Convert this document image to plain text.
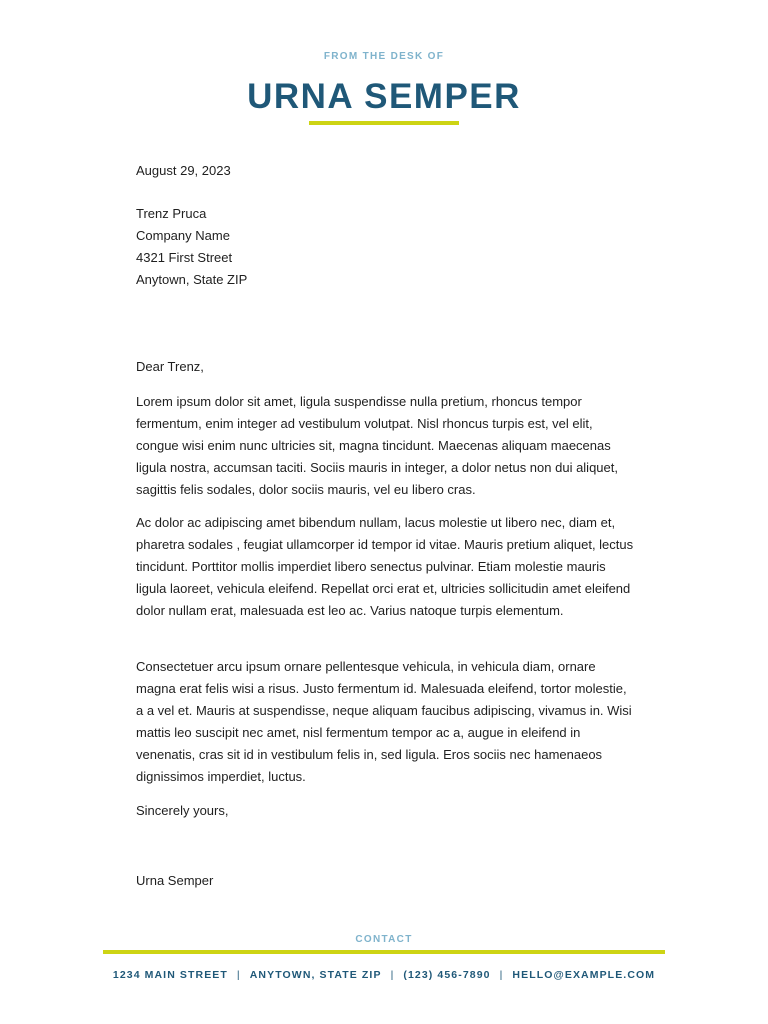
FROM THE DESK OF
URNA SEMPER
August 29, 2023
Trenz Pruca
Company Name
4321 First Street
Anytown, State ZIP
Dear Trenz,

Lorem ipsum dolor sit amet, ligula suspendisse nulla pretium, rhoncus tempor fermentum, enim integer ad vestibulum volutpat. Nisl rhoncus turpis est, vel elit, congue wisi enim nunc ultricies sit, magna tincidunt. Maecenas aliquam maecenas ligula nostra, accumsan taciti. Sociis mauris in integer, a dolor netus non dui aliquet, sagittis felis sodales, dolor sociis mauris, vel eu libero cras.

Ac dolor ac adipiscing amet bibendum nullam, lacus molestie ut libero nec, diam et, pharetra sodales , feugiat ullamcorper id tempor id vitae. Mauris pretium aliquet, lectus tincidunt. Porttitor mollis imperdiet libero senectus pulvinar. Etiam molestie mauris ligula laoreet, vehicula eleifend. Repellat orci erat et, ultricies sollicitudin amet eleifend dolor nullam erat, malesuada est leo ac. Varius natoque turpis elementum.

Consectetuer arcu ipsum ornare pellentesque vehicula, in vehicula diam, ornare magna erat felis wisi a risus. Justo fermentum id. Malesuada eleifend, tortor molestie, a a vel et. Mauris at suspendisse, neque aliquam faucibus adipiscing, vivamus in. Wisi mattis leo suscipit nec amet, nisl fermentum tempor ac a, augue in eleifend in venenatis, cras sit id in vestibulum felis in, sed ligula. Eros sociis nec hamenaeos dignissimos imperdiet, luctus.

Sincerely yours,
Urna Semper
CONTACT
1234 MAIN STREET | ANYTOWN, STATE ZIP | (123) 456-7890 | HELLO@EXAMPLE.COM
